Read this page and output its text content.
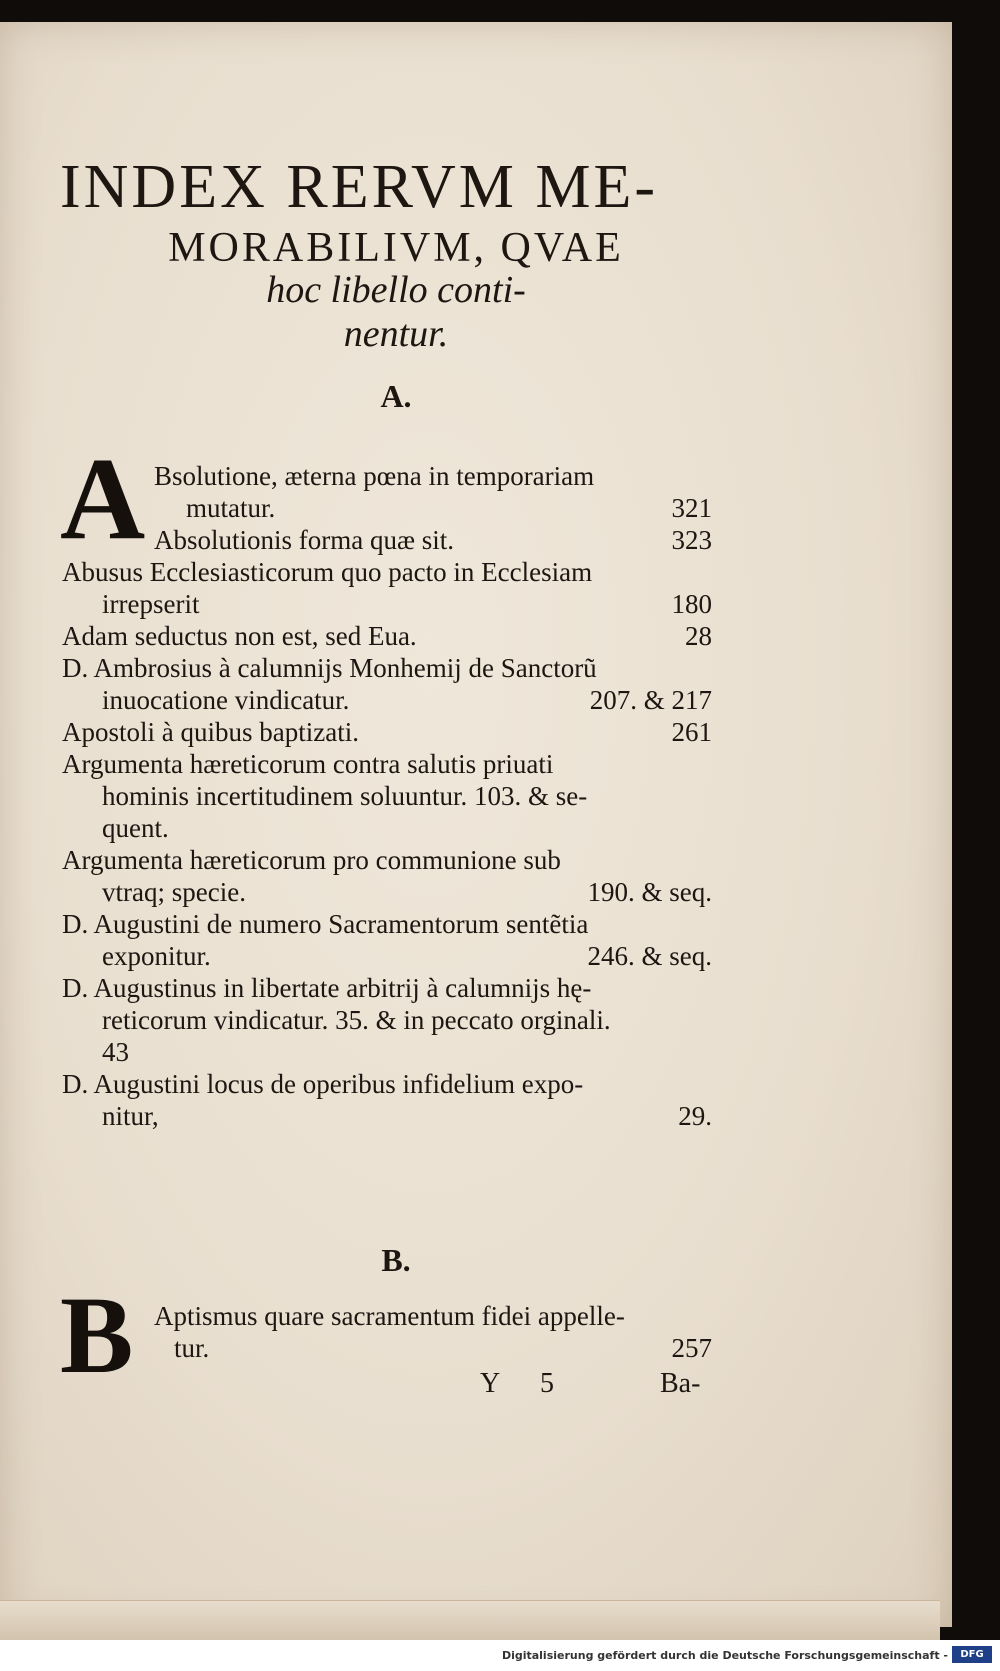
INDEX RERVM ME-
MORABILIVM, QVAE
hoc libello conti-
nentur.
A.
A Bsolutione, æterna pœna in temporariam
mutatur.	321
Absolutionis forma quæ sit.	323
Abusus Ecclesiasticorum quo pacto in Ecclesiam
irrepserit	180
Adam seductus non est, sed Eua.	28
D. Ambrosius à calumnijs Monhemij de Sanctorũ
inuocatione vindicatur.	207. & 217
Apostoli à quibus baptizati.	261
Argumenta hæreticorum contra salutis priuati
hominis incertitudinem soluuntur. 103. & se-
quent.
Argumenta hæreticorum pro communione sub
vtraq; specie.	190. & seq.
D. Augustini de numero Sacramentorum sentẽtia
exponitur.	246. & seq.
D. Augustinus in libertate arbitrij à calumnijs hę-
reticorum vindicatur. 35. & in peccato orginali.
43
D. Augustini locus de operibus infidelium expo-
nitur,	29.
B.
B Aptismus quare sacramentum fidei appelle-
tur.	257
Y 5	Ba-
Digitalisierung gefördert durch die Deutsche Forschungsgemeinschaft -	DFG
